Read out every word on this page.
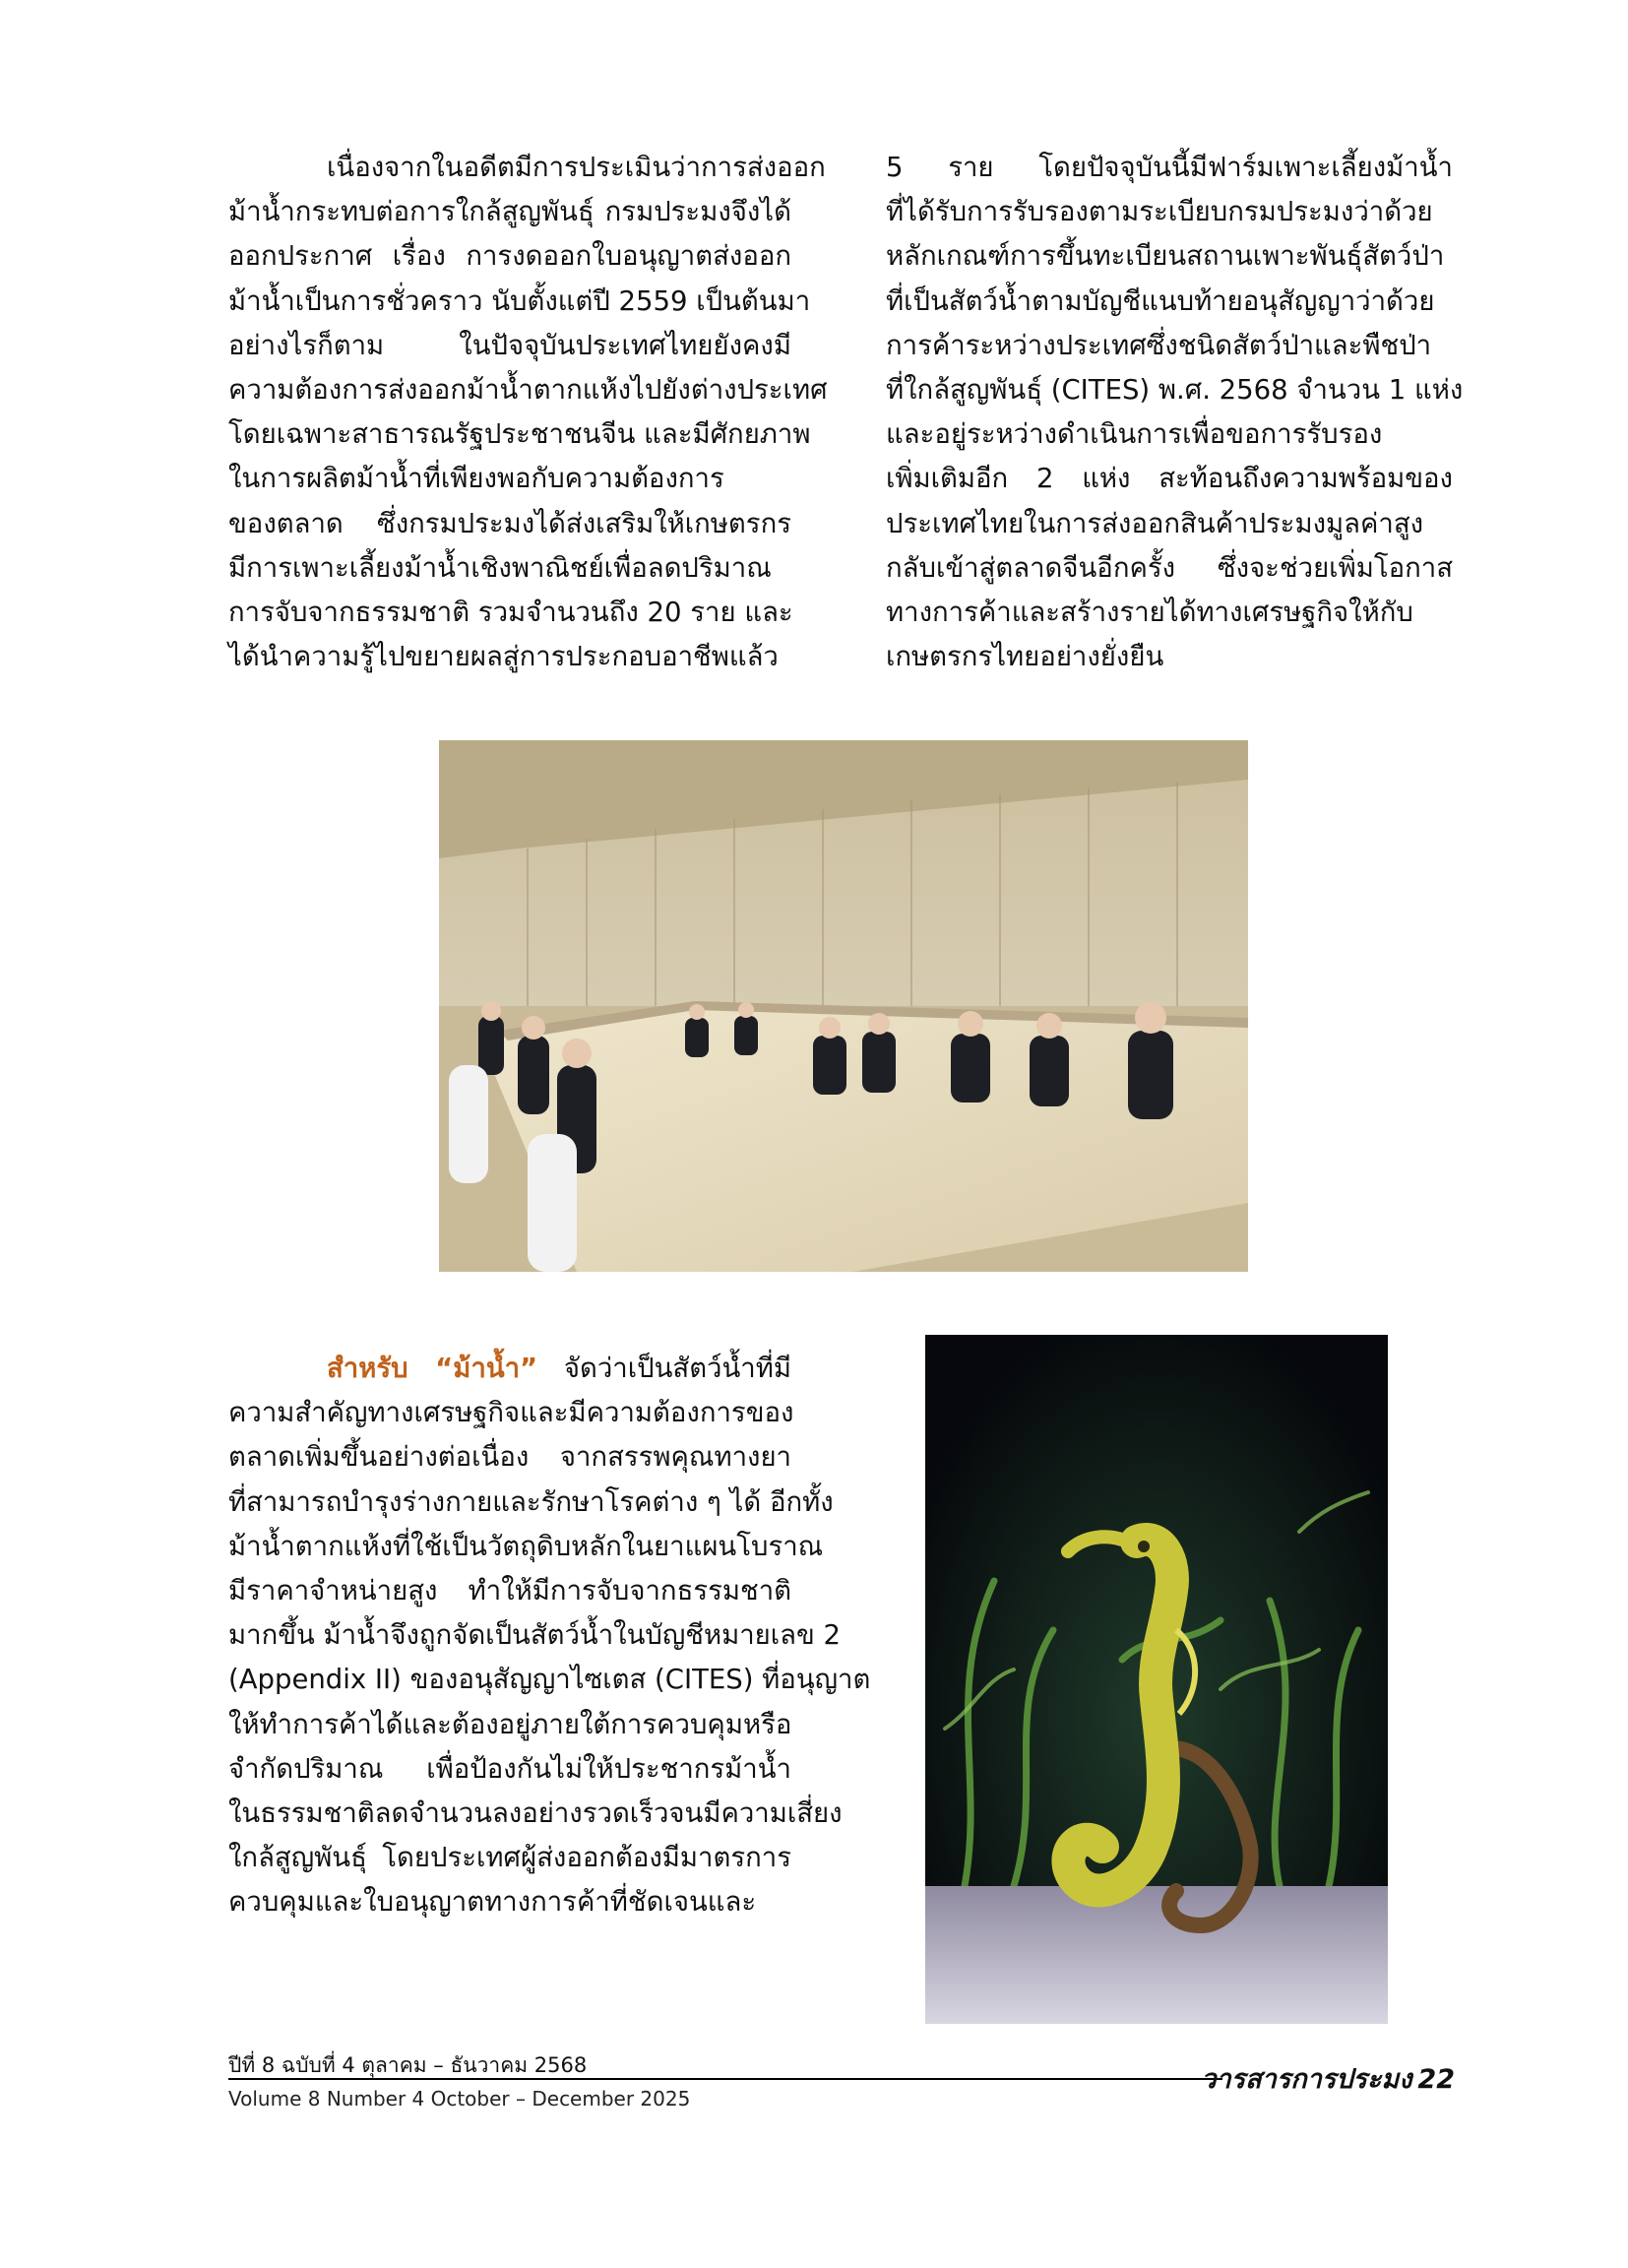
เนื่องจากในอดีตมีการประเมินว่าการส่งออก
ม้าน้ำกระทบต่อการใกล้สูญพันธุ์ กรมประมงจึงได้
ออกประกาศ เรื่อง การงดออกใบอนุญาตส่งออก
ม้าน้ำเป็นการชั่วคราว นับตั้งแต่ปี 2559 เป็นต้นมา
อย่างไรก็ตาม ในปัจจุบันประเทศไทยยังคงมี
ความต้องการส่งออกม้าน้ำตากแห้งไปยังต่างประเทศ
โดยเฉพาะสาธารณรัฐประชาชนจีน และมีศักยภาพ
ในการผลิตม้าน้ำที่เพียงพอกับความต้องการ
ของตลาด ซึ่งกรมประมงได้ส่งเสริมให้เกษตรกร
มีการเพาะเลี้ยงม้าน้ำเชิงพาณิชย์เพื่อลดปริมาณ
การจับจากธรรมชาติ รวมจำนวนถึง 20 ราย และ
ได้นำความรู้ไปขยายผลสู่การประกอบอาชีพแล้ว

5 ราย โดยปัจจุบันนี้มีฟาร์มเพาะเลี้ยงม้าน้ำ
ที่ได้รับการรับรองตามระเบียบกรมประมงว่าด้วย
หลักเกณฑ์การขึ้นทะเบียนสถานเพาะพันธุ์สัตว์ป่า
ที่เป็นสัตว์น้ำตามบัญชีแนบท้ายอนุสัญญาว่าด้วย
การค้าระหว่างประเทศซึ่งชนิดสัตว์ป่าและพืชป่า
ที่ใกล้สูญพันธุ์ (CITES) พ.ศ. 2568 จำนวน 1 แห่ง
และอยู่ระหว่างดำเนินการเพื่อขอการรับรอง
เพิ่มเติมอีก 2 แห่ง สะท้อนถึงความพร้อมของ
ประเทศไทยในการส่งออกสินค้าประมงมูลค่าสูง
กลับเข้าสู่ตลาดจีนอีกครั้ง ซึ่งจะช่วยเพิ่มโอกาส
ทางการค้าและสร้างรายได้ทางเศรษฐกิจให้กับ
เกษตรกรไทยอย่างยั่งยืน

สำหรับ “ม้าน้ำ” จัดว่าเป็นสัตว์น้ำที่มี
ความสำคัญทางเศรษฐกิจและมีความต้องการของ
ตลาดเพิ่มขึ้นอย่างต่อเนื่อง จากสรรพคุณทางยา
ที่สามารถบำรุงร่างกายและรักษาโรคต่าง ๆ ได้ อีกทั้ง
ม้าน้ำตากแห้งที่ใช้เป็นวัตถุดิบหลักในยาแผนโบราณ
มีราคาจำหน่ายสูง ทำให้มีการจับจากธรรมชาติ
มากขึ้น ม้าน้ำจึงถูกจัดเป็นสัตว์น้ำในบัญชีหมายเลข 2
(Appendix II) ของอนุสัญญาไซเตส (CITES) ที่อนุญาต
ให้ทำการค้าได้และต้องอยู่ภายใต้การควบคุมหรือ
จำกัดปริมาณ เพื่อป้องกันไม่ให้ประชากรม้าน้ำ
ในธรรมชาติลดจำนวนลงอย่างรวดเร็วจนมีความเสี่ยง
ใกล้สูญพันธุ์ โดยประเทศผู้ส่งออกต้องมีมาตรการ
ควบคุมและใบอนุญาตทางการค้าที่ชัดเจนและ

ปีที่ 8 ฉบับที่ 4 ตุลาคม – ธันวาคม 2568
Volume 8 Number 4 October – December 2025
วารสารการประมง 22
